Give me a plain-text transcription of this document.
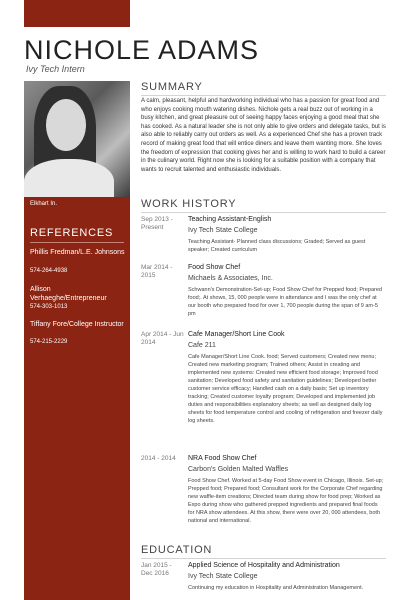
NICHOLE ADAMS
Ivy Tech Intern
Elkhart In.
REFERENCES
Phillis Fredman/L.E. Johnsons
574-264-4938
Allison Verhaeghe/Entrepreneur
574-303-1013
Tiffany Fore/College Instructor
574-215-2229
SUMMARY
A calm, pleasant, helpful and hardworking individual who has a passion for great food and who enjoys cooking mouth watering dishes. Nichole gets a real buzz out of working in a busy kitchen, and great pleasure out of seeing happy faces enjoying a good meal that she has cooked. As a natural leader she is not only able to give orders and delegate tasks, but is also able to reliably carry out orders as well. As a experienced Chef she has a proven track record of making great food that will entice diners and leave them wanting more. She loves the freedom of expression that cooking gives her and is willing to work hard to build a career in the culinary world. Right now she is looking for a suitable position with a company that wants to recruit talented and enthusiastic individuals.
WORK HISTORY
Sep 2013 - Present
Teaching Assistant-English
Ivy Tech State College
Teaching Assistant- Planned class discussions; Graded; Served as guest speaker; Created curriculum
Mar 2014 - 2015
Food Show Chef
Michaels & Associates, Inc.
Schwann's Demonstration-Set-up; Food Show Chef for Prepped food; Prepared food;. At shows, 15, 000 people were in attendance and I was the only chef at our booth who prepared food for over 1, 700 people during the span of 9 am-5 pm
Apr 2014 - Jun 2014
Cafe Manager/Short Line Cook
Cafe 211
Cafe Manager/Short Line Cook. food; Served customers; Created new menu; Created new marketing program; Trained others; Assist in creating and implemented new systems: Created new efficient food storage; Improved food sanitation; Developed food safety and sanitation guidelines; Developed better customer service efficacy; Handled cash on a daily basis; Set up inventory tracking; Created customer loyalty program; Developed and implemented job duties and responsibilities explanatory sheets; as well as designed daily log sheets for food temperature control and cooling of refrigeration and freezer daily log sheets.
2014 - 2014	NRA Food Show Chef
Carbon's Golden Malted Waffles
Food Show Chef. Worked at 5-day Food Show event in Chicago, Illinois. Set-up; Prepped food; Prepared food; Consultant work for the Corporate Chef regarding new waffle-item creations; Directed team during show for food prep; Worked as Expo during show who gathered prepped ingredients and prepared final foods for NRA show attendees. At this show, there were over 20, 000 attendees, both national and international.
EDUCATION
Jan 2015 - Dec 2016
Applied Science of Hospitality and Administration
Ivy Tech State College
Continuing my education in Hospitality and Administration Management.
